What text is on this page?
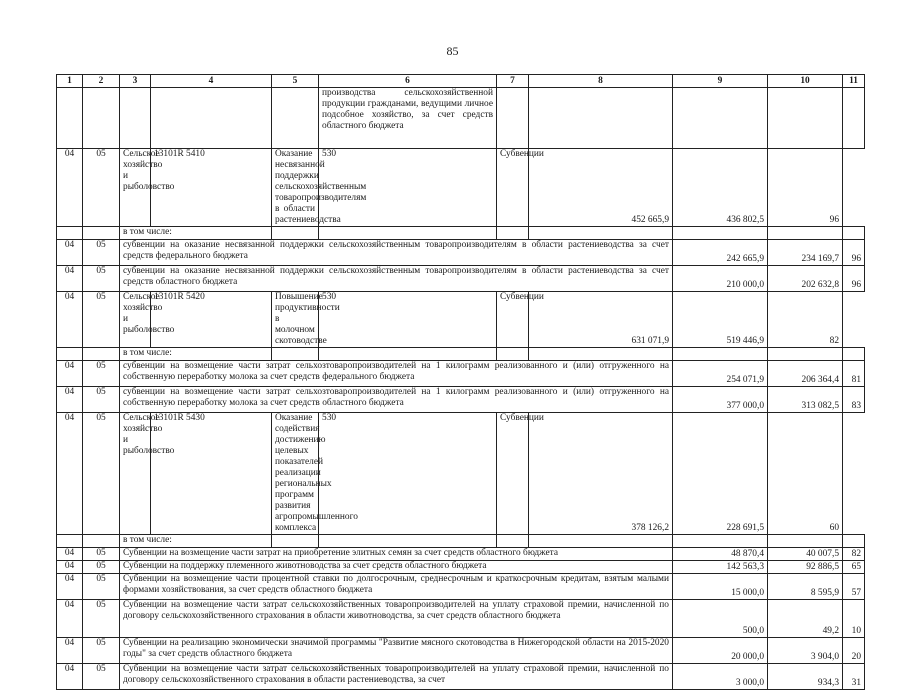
85
1	2	3	4	5	6	7	8	9	10	11
					производства сельскохозяйственной продукции гражданами, ведущими личное подсобное хозяйство, за счет средств областного бюджета					
04	05	Сельское хозяйство и рыболовство	13101R 5410	Оказание несвязанной поддержки сельскохозяйственным товаропроизводителям в области растениеводства	530	Субвенции	452 665,9	436 802,5	96	
		в том числе:								
04	05	субвенции на оказание несвязанной поддержки сельскохозяйственным товаропроизводителям в области растениеводства за счет средств федерального бюджета						242 665,9	234 169,7	96
04	05	субвенции на оказание несвязанной поддержки сельскохозяйственным товаропроизводителям в области растениеводства за счет средств областного бюджета						210 000,0	202 632,8	96
04	05	Сельское хозяйство и рыболовство	13101R 5420	Повышение продуктивности в молочном скотоводстве	530	Субвенции	631 071,9	519 446,9	82	
		в том числе:								
04	05	субвенции на возмещение части затрат сельхозтоваропроизводителей на 1 килограмм реализованного и (или) отгруженного на собственную переработку молока за счет средств федерального бюджета						254 071,9	206 364,4	81
04	05	субвенции на возмещение части затрат сельхозтоваропроизводителей на 1 килограмм реализованного и (или) отгруженного на собственную переработку молока за счет средств областного бюджета						377 000,0	313 082,5	83
04	05	Сельское хозяйство и рыболовство	13101R 5430	Оказание содействия достижению целевых показателей реализации региональных программ развития агропромышленного комплекса	530	Субвенции	378 126,2	228 691,5	60	
		в том числе:								
04	05	Субвенции на возмещение части затрат на приобретение элитных семян за счет средств областного бюджета						48 870,4	40 007,5	82
04	05	Субвенции на поддержку племенного животноводства за счет средств областного бюджета						142 563,3	92 886,5	65
04	05	Субвенции на возмещение части процентной ставки по долгосрочным, среднесрочным и краткосрочным кредитам, взятым малыми формами хозяйствования, за счет средств областного бюджета						15 000,0	8 595,9	57
04	05	Субвенции на возмещение части затрат сельскохозяйственных товаропроизводителей на уплату страховой премии, начисленной по договору сельскохозяйственного страхования в области животноводства, за счет средств областного бюджета						500,0	49,2	10
04	05	Субвенции на реализацию экономически значимой программы "Развитие мясного скотоводства в Нижегородской области на 2015-2020 годы" за счет средств областного бюджета						20 000,0	3 904,0	20
04	05	Субвенции на возмещение части затрат сельскохозяйственных товаропроизводителей на уплату страховой премии, начисленной по договору сельскохозяйственного страхования в области растениеводства, за счет						3 000,0	934,3	31
